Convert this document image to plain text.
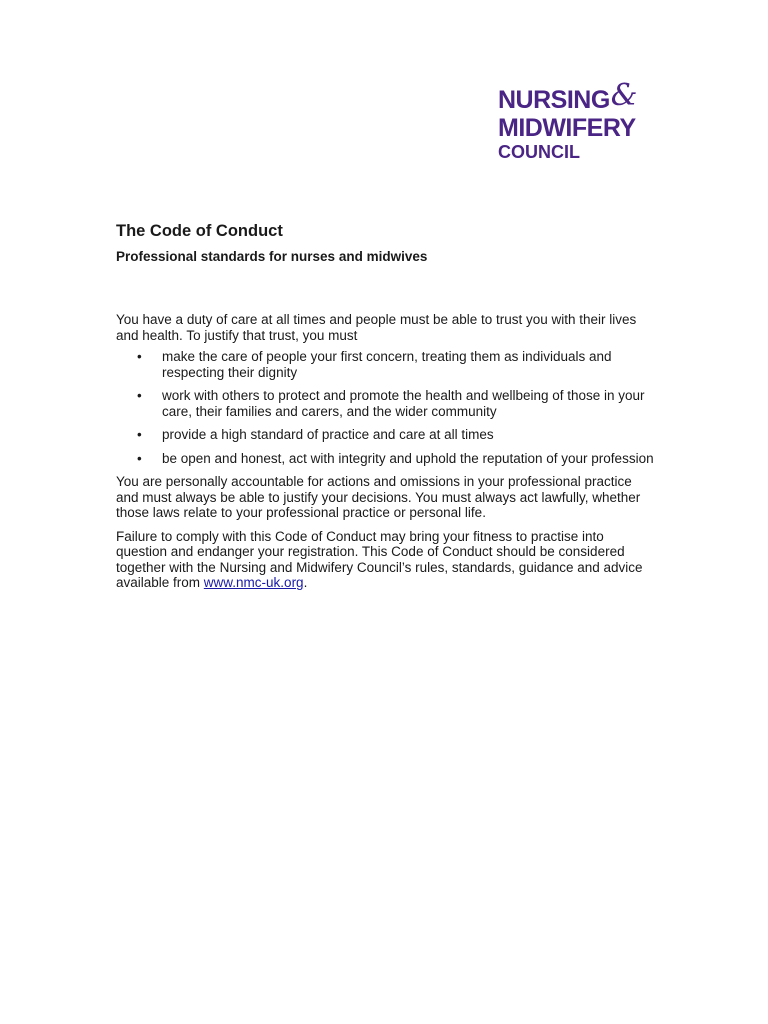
NURSING&
MIDWIFERY
COUNCIL
The Code of Conduct
Professional standards for nurses and midwives

You have a duty of care at all times and people must be able to trust you with their lives and health. To justify that trust, you must

• make the care of people your first concern, treating them as individuals and respecting their dignity
• work with others to protect and promote the health and wellbeing of those in your care, their families and carers, and the wider community
• provide a high standard of practice and care at all times
• be open and honest, act with integrity and uphold the reputation of your profession

You are personally accountable for actions and omissions in your professional practice and must always be able to justify your decisions. You must always act lawfully, whether those laws relate to your professional practice or personal life.

Failure to comply with this Code of Conduct may bring your fitness to practise into question and endanger your registration. This Code of Conduct should be considered together with the Nursing and Midwifery Council’s rules, standards, guidance and advice available from www.nmc-uk.org.
